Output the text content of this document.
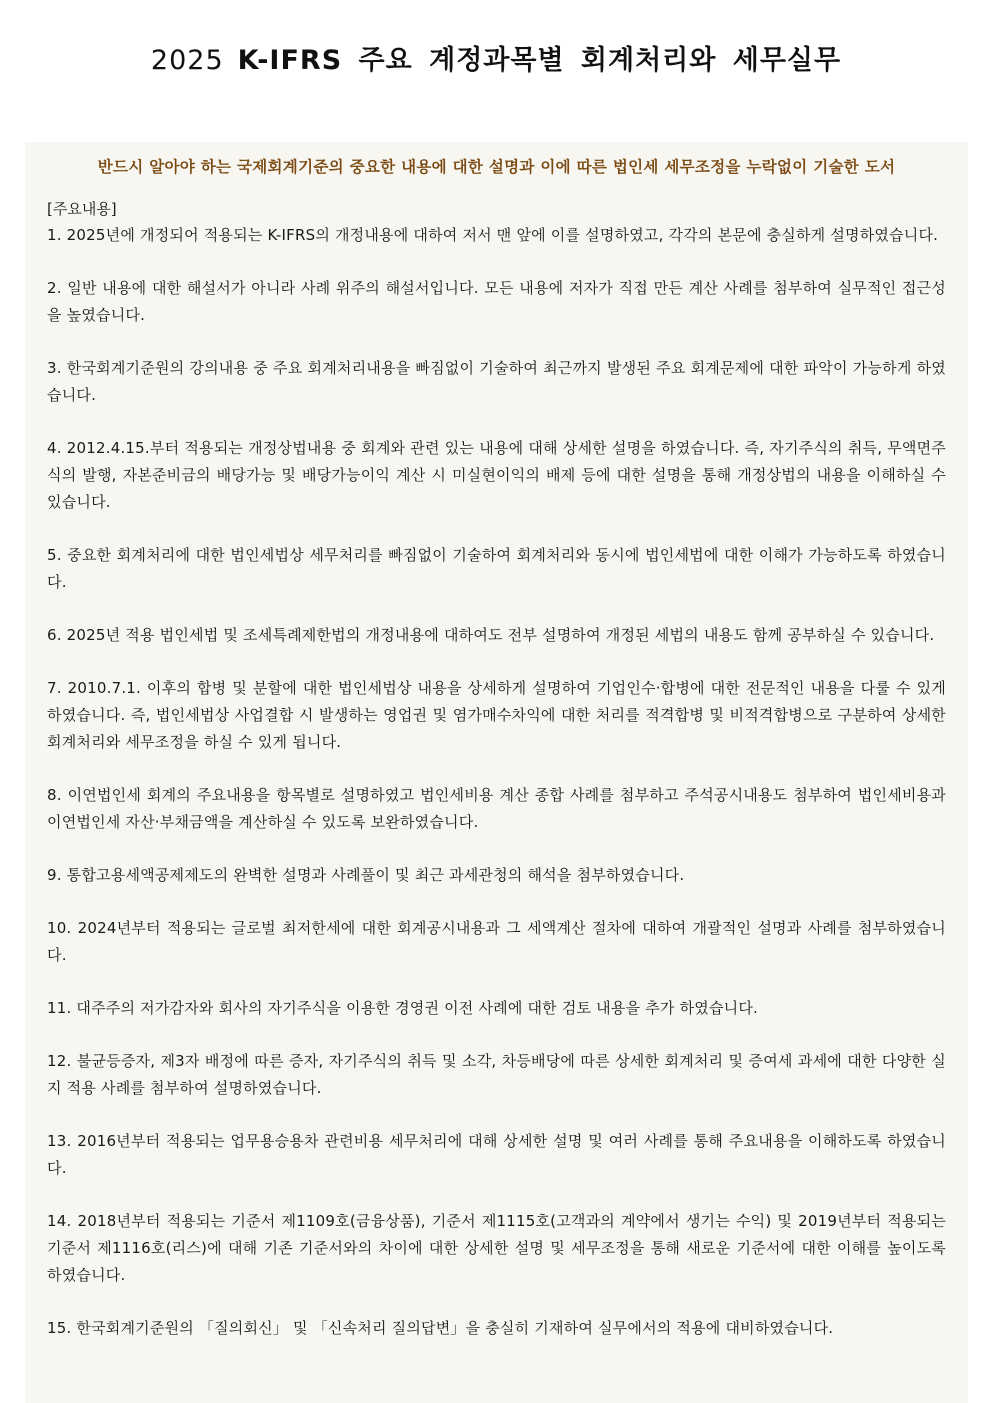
2025 K-IFRS 주요 계정과목별 회계처리와 세무실무

반드시 알아야 하는 국제회계기준의 중요한 내용에 대한 설명과 이에 따른 법인세 세무조정을 누락없이 기술한 도서

[주요내용]

1. 2025년에 개정되어 적용되는 K-IFRS의 개정내용에 대하여 저서 맨 앞에 이를 설명하였고, 각각의 본문에 충실하게 설명하였습니다.

2. 일반 내용에 대한 해설서가 아니라 사례 위주의 해설서입니다. 모든 내용에 저자가 직접 만든 계산 사례를 첨부하여 실무적인 접근성을 높였습니다.

3. 한국회계기준원의 강의내용 중 주요 회계처리내용을 빠짐없이 기술하여 최근까지 발생된 주요 회계문제에 대한 파악이 가능하게 하였습니다.

4. 2012.4.15.부터 적용되는 개정상법내용 중 회계와 관련 있는 내용에 대해 상세한 설명을 하였습니다. 즉, 자기주식의 취득, 무액면주식의 발행, 자본준비금의 배당가능 및 배당가능이익 계산 시 미실현이익의 배제 등에 대한 설명을 통해 개정상법의 내용을 이해하실 수 있습니다.

5. 중요한 회계처리에 대한 법인세법상 세무처리를 빠짐없이 기술하여 회계처리와 동시에 법인세법에 대한 이해가 가능하도록 하였습니다.

6. 2025년 적용 법인세법 및 조세특례제한법의 개정내용에 대하여도 전부 설명하여 개정된 세법의 내용도 함께 공부하실 수 있습니다.

7. 2010.7.1. 이후의 합병 및 분할에 대한 법인세법상 내용을 상세하게 설명하여 기업인수·합병에 대한 전문적인 내용을 다룰 수 있게 하였습니다. 즉, 법인세법상 사업결합 시 발생하는 영업권 및 염가매수차익에 대한 처리를 적격합병 및 비적격합병으로 구분하여 상세한 회계처리와 세무조정을 하실 수 있게 됩니다.

8. 이연법인세 회계의 주요내용을 항목별로 설명하였고 법인세비용 계산 종합 사례를 첨부하고 주석공시내용도 첨부하여 법인세비용과 이연법인세 자산·부채금액을 계산하실 수 있도록 보완하였습니다.

9. 통합고용세액공제제도의 완벽한 설명과 사례풀이 및 최근 과세관청의 해석을 첨부하였습니다.

10. 2024년부터 적용되는 글로벌 최저한세에 대한 회계공시내용과 그 세액계산 절차에 대하여 개괄적인 설명과 사례를 첨부하였습니다.

11. 대주주의 저가감자와 회사의 자기주식을 이용한 경영권 이전 사례에 대한 검토 내용을 추가 하였습니다.

12. 불균등증자, 제3자 배정에 따른 증자, 자기주식의 취득 및 소각, 차등배당에 따른 상세한 회계처리 및 증여세 과세에 대한 다양한 실지 적용 사례를 첨부하여 설명하였습니다.

13. 2016년부터 적용되는 업무용승용차 관련비용 세무처리에 대해 상세한 설명 및 여러 사례를 통해 주요내용을 이해하도록 하였습니다.

14. 2018년부터 적용되는 기준서 제1109호(금융상품), 기준서 제1115호(고객과의 계약에서 생기는 수익) 및 2019년부터 적용되는 기준서 제1116호(리스)에 대해 기존 기준서와의 차이에 대한 상세한 설명 및 세무조정을 통해 새로운 기준서에 대한 이해를 높이도록 하였습니다.

15. 한국회계기준원의 「질의회신」 및 「신속처리 질의답변」을 충실히 기재하여 실무에서의 적용에 대비하였습니다.
